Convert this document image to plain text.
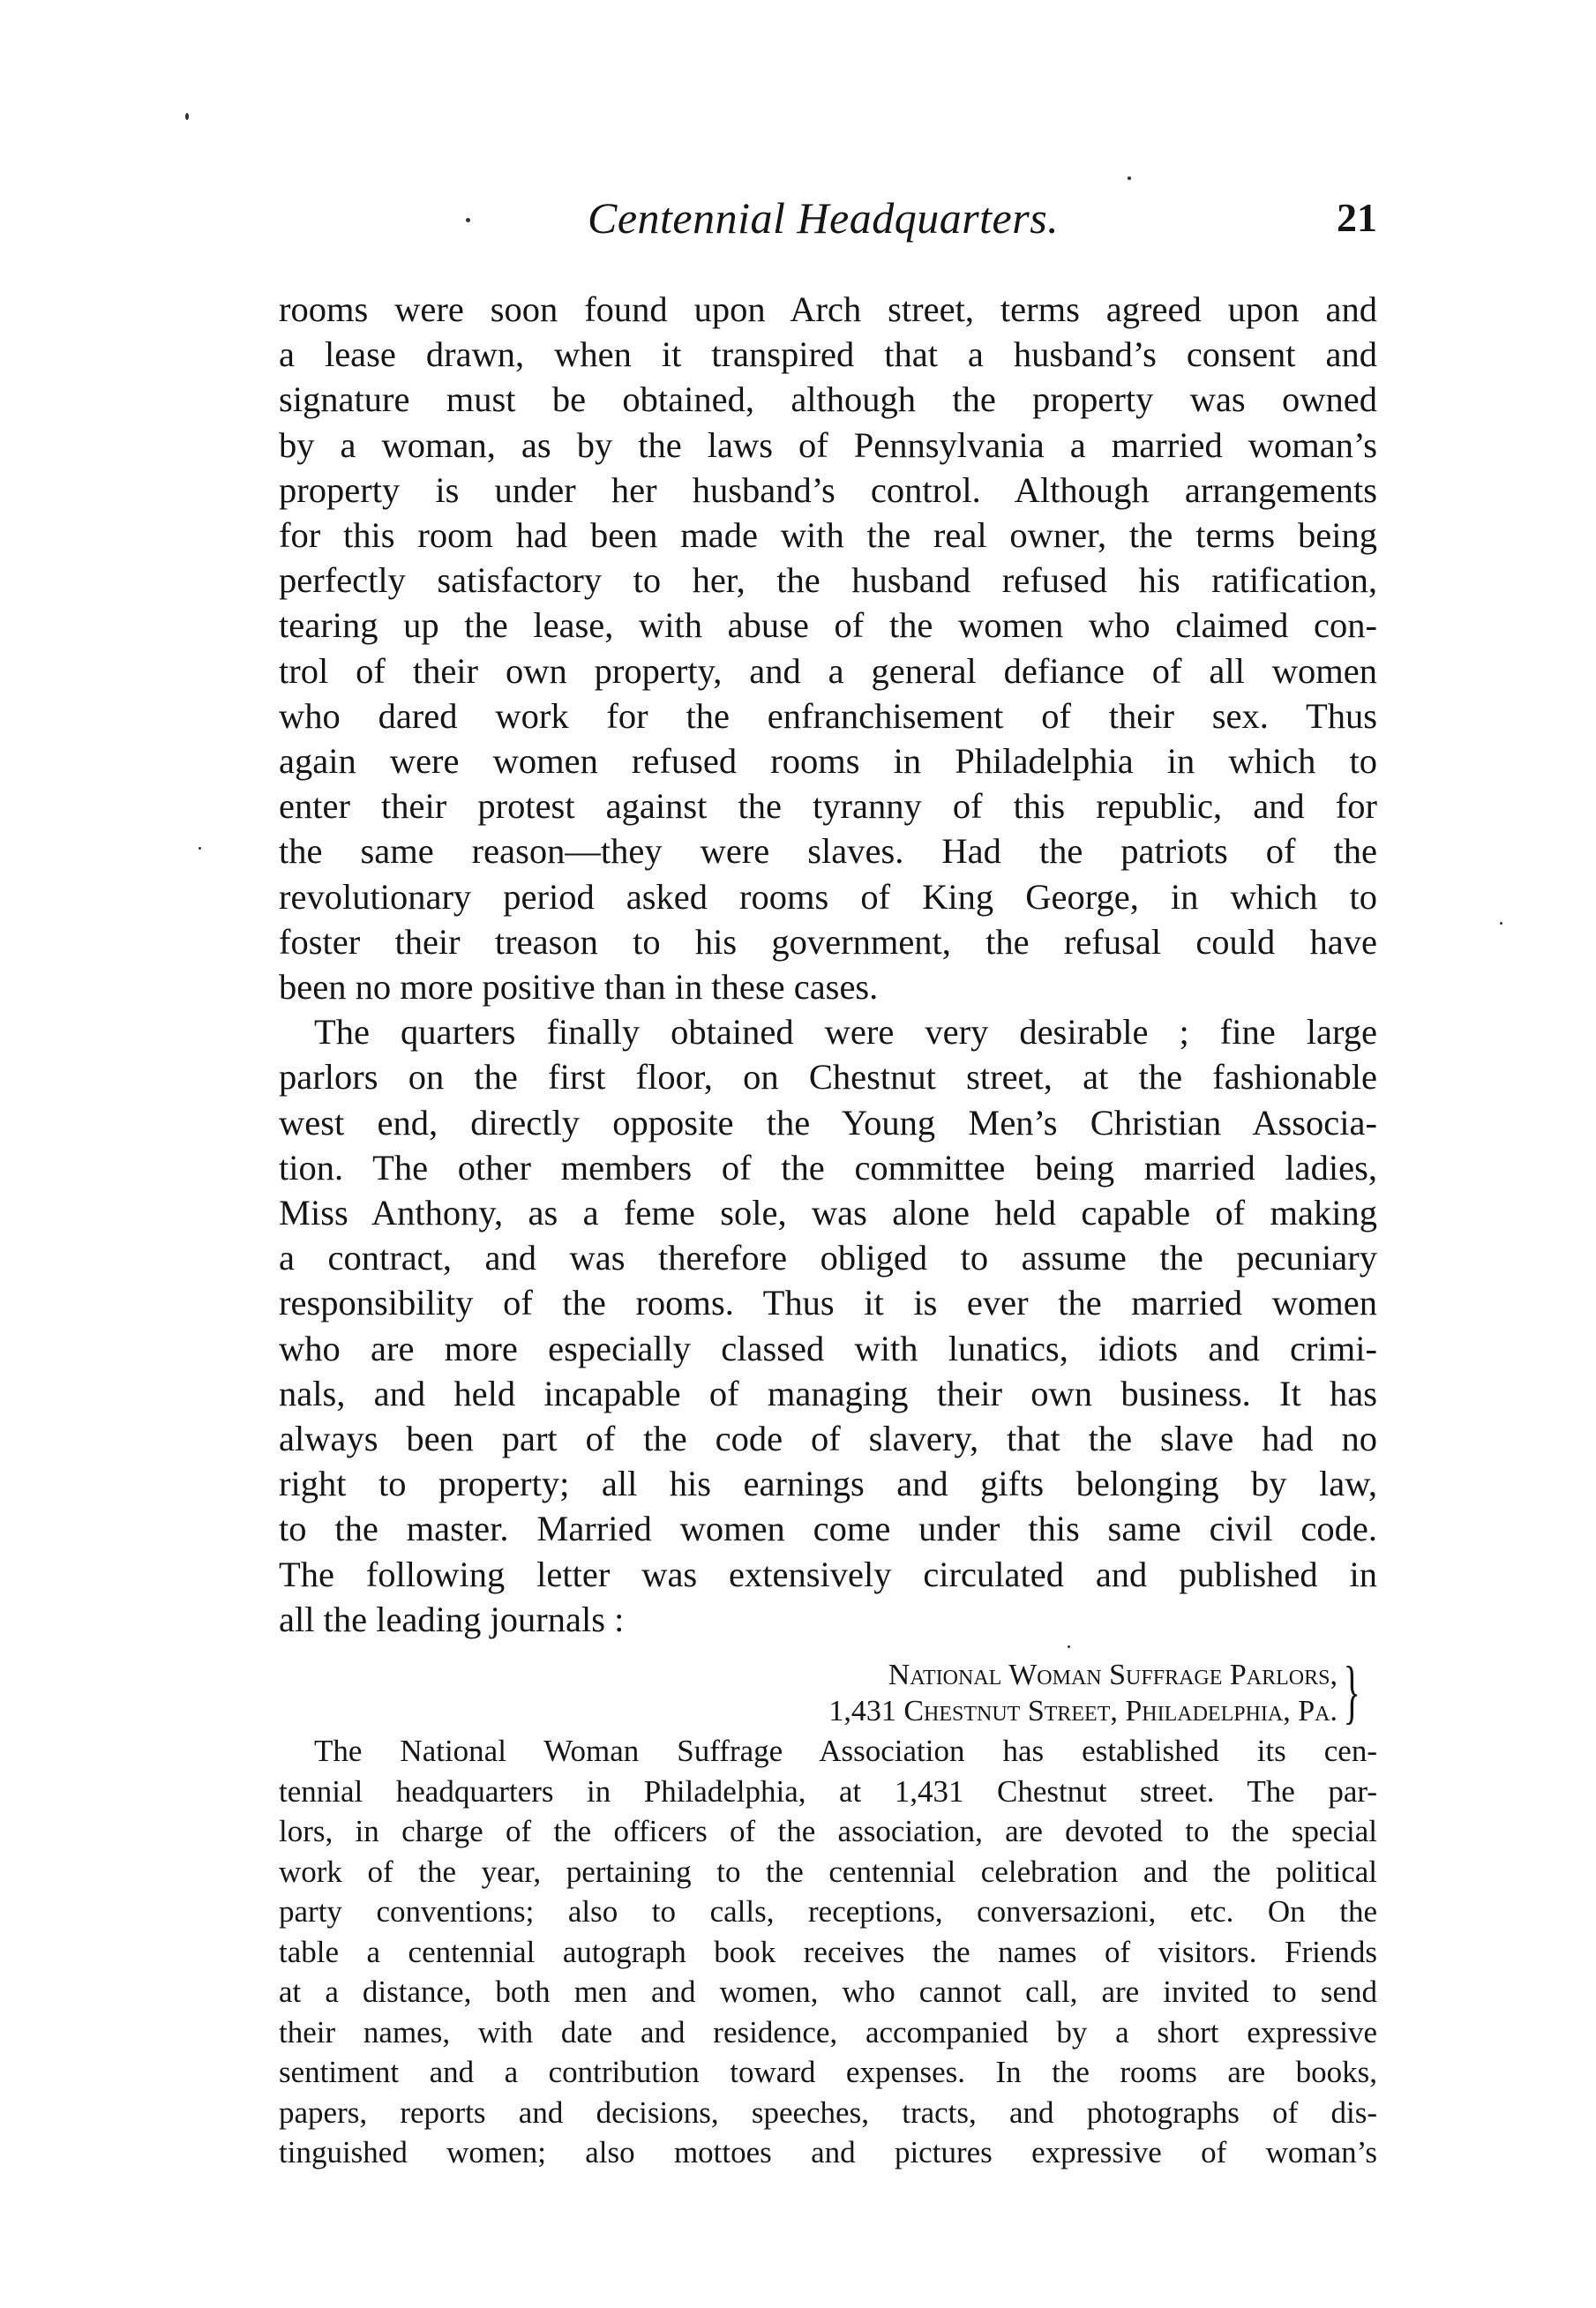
Centennial Headquarters.	21
rooms were soon found upon Arch street, terms agreed upon and
a lease drawn, when it transpired that a husband’s consent and
signature must be obtained, although the property was owned
by a woman, as by the laws of Pennsylvania a married woman’s
property is under her husband’s control. Although arrangements
for this room had been made with the real owner, the terms being
perfectly satisfactory to her, the husband refused his ratification,
tearing up the lease, with abuse of the women who claimed con-
trol of their own property, and a general defiance of all women
who dared work for the enfranchisement of their sex. Thus
again were women refused rooms in Philadelphia in which to
enter their protest against the tyranny of this republic, and for
the same reason—they were slaves. Had the patriots of the
revolutionary period asked rooms of King George, in which to
foster their treason to his government, the refusal could have
been no more positive than in these cases.
The quarters finally obtained were very desirable ; fine large
parlors on the first floor, on Chestnut street, at the fashionable
west end, directly opposite the Young Men’s Christian Associa-
tion. The other members of the committee being married ladies,
Miss Anthony, as a feme sole, was alone held capable of making
a contract, and was therefore obliged to assume the pecuniary
responsibility of the rooms. Thus it is ever the married women
who are more especially classed with lunatics, idiots and crimi-
nals, and held incapable of managing their own business. It has
always been part of the code of slavery, that the slave had no
right to property; all his earnings and gifts belonging by law,
to the master. Married women come under this same civil code.
The following letter was extensively circulated and published in
all the leading journals :
National Woman Suffrage Parlors,
1,431 Chestnut Street, Philadelphia, Pa. }
The National Woman Suffrage Association has established its cen-
tennial headquarters in Philadelphia, at 1,431 Chestnut street. The par-
lors, in charge of the officers of the association, are devoted to the special
work of the year, pertaining to the centennial celebration and the political
party conventions; also to calls, receptions, conversazioni, etc. On the
table a centennial autograph book receives the names of visitors. Friends
at a distance, both men and women, who cannot call, are invited to send
their names, with date and residence, accompanied by a short expressive
sentiment and a contribution toward expenses. In the rooms are books,
papers, reports and decisions, speeches, tracts, and photographs of dis-
tinguished women; also mottoes and pictures expressive of woman’s
